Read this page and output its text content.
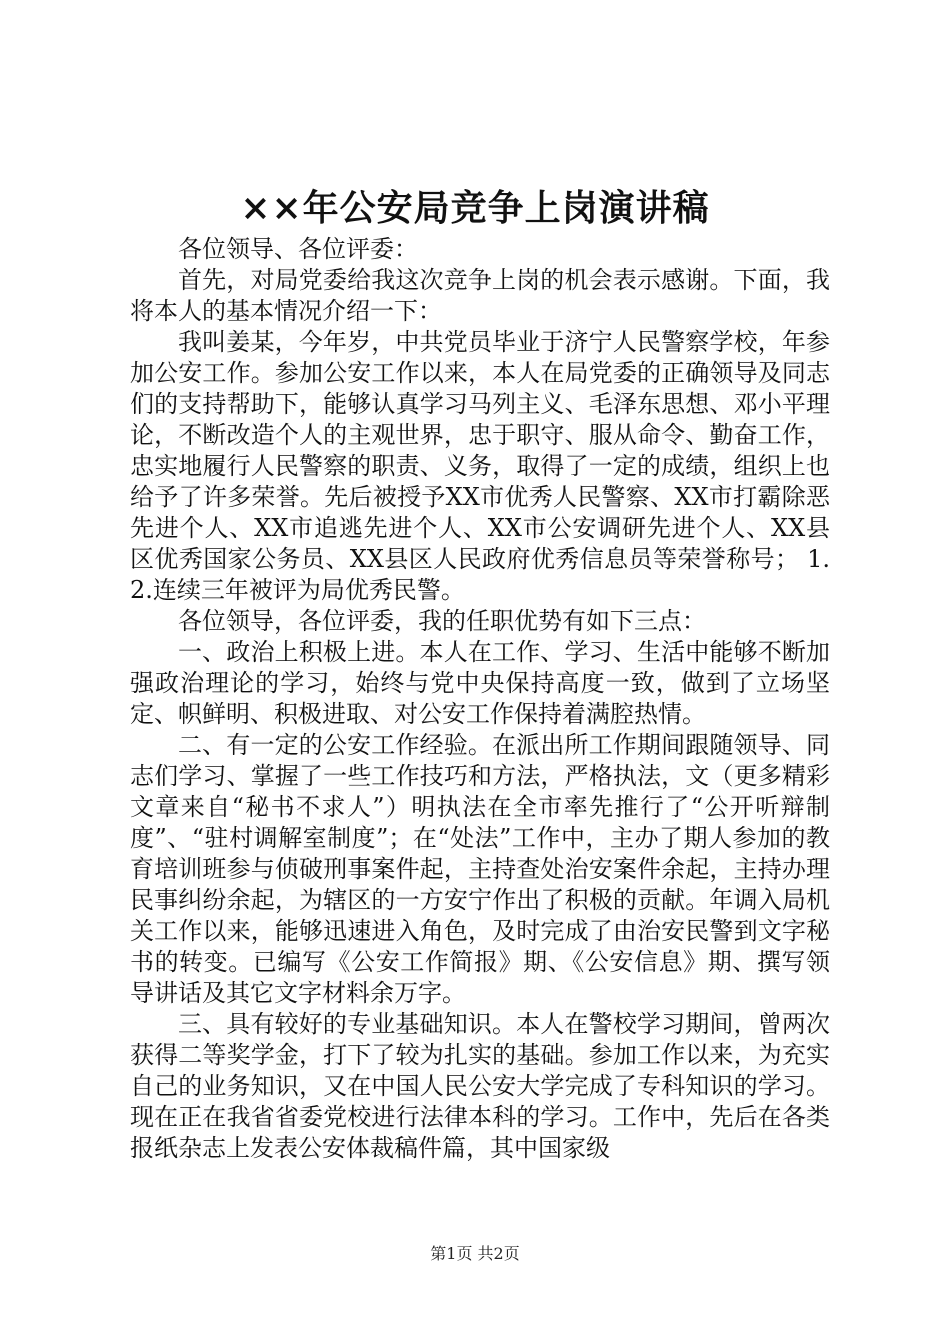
××年公安局竞争上岗演讲稿

各位领导、各位评委：

首先，对局党委给我这次竞争上岗的机会表示感谢。下面，我将本人的基本情况介绍一下：

我叫姜某，今年岁，中共党员毕业于济宁人民警察学校，年参加公安工作。参加公安工作以来，本人在局党委的正确领导及同志们的支持帮助下，能够认真学习马列主义、毛泽东思想、邓小平理论，不断改造个人的主观世界，忠于职守、服从命令、勤奋工作，忠实地履行人民警察的职责、义务，取得了一定的成绩，组织上也给予了许多荣誉。先后被授予XX市优秀人民警察、XX市打霸除恶先进个人、XX市追逃先进个人、XX市公安调研先进个人、XX县区优秀国家公务员、XX县区人民政府优秀信息员等荣誉称号； 1.2.连续三年被评为局优秀民警。

各位领导，各位评委，我的任职优势有如下三点：

一、政治上积极上进。本人在工作、学习、生活中能够不断加强政治理论的学习，始终与党中央保持高度一致，做到了立场坚定、帜鲜明、积极进取、对公安工作保持着满腔热情。

二、有一定的公安工作经验。在派出所工作期间跟随领导、同志们学习、掌握了一些工作技巧和方法，严格执法，文（更多精彩文章来自“秘书不求人”）明执法在全市率先推行了“公开听辩制度”、“驻村调解室制度”；在“处法”工作中，主办了期人参加的教育培训班参与侦破刑事案件起，主持查处治安案件余起，主持办理民事纠纷余起，为辖区的一方安宁作出了积极的贡献。年调入局机关工作以来，能够迅速进入角色，及时完成了由治安民警到文字秘书的转变。已编写《公安工作简报》期、《公安信息》期、撰写领导讲话及其它文字材料余万字。

三、具有较好的专业基础知识。本人在警校学习期间，曾两次获得二等奖学金，打下了较为扎实的基础。参加工作以来，为充实自己的业务知识，又在中国人民公安大学完成了专科知识的学习。现在正在我省省委党校进行法律本科的学习。工作中，先后在各类报纸杂志上发表公安体裁稿件篇，其中国家级

第1页 共2页
